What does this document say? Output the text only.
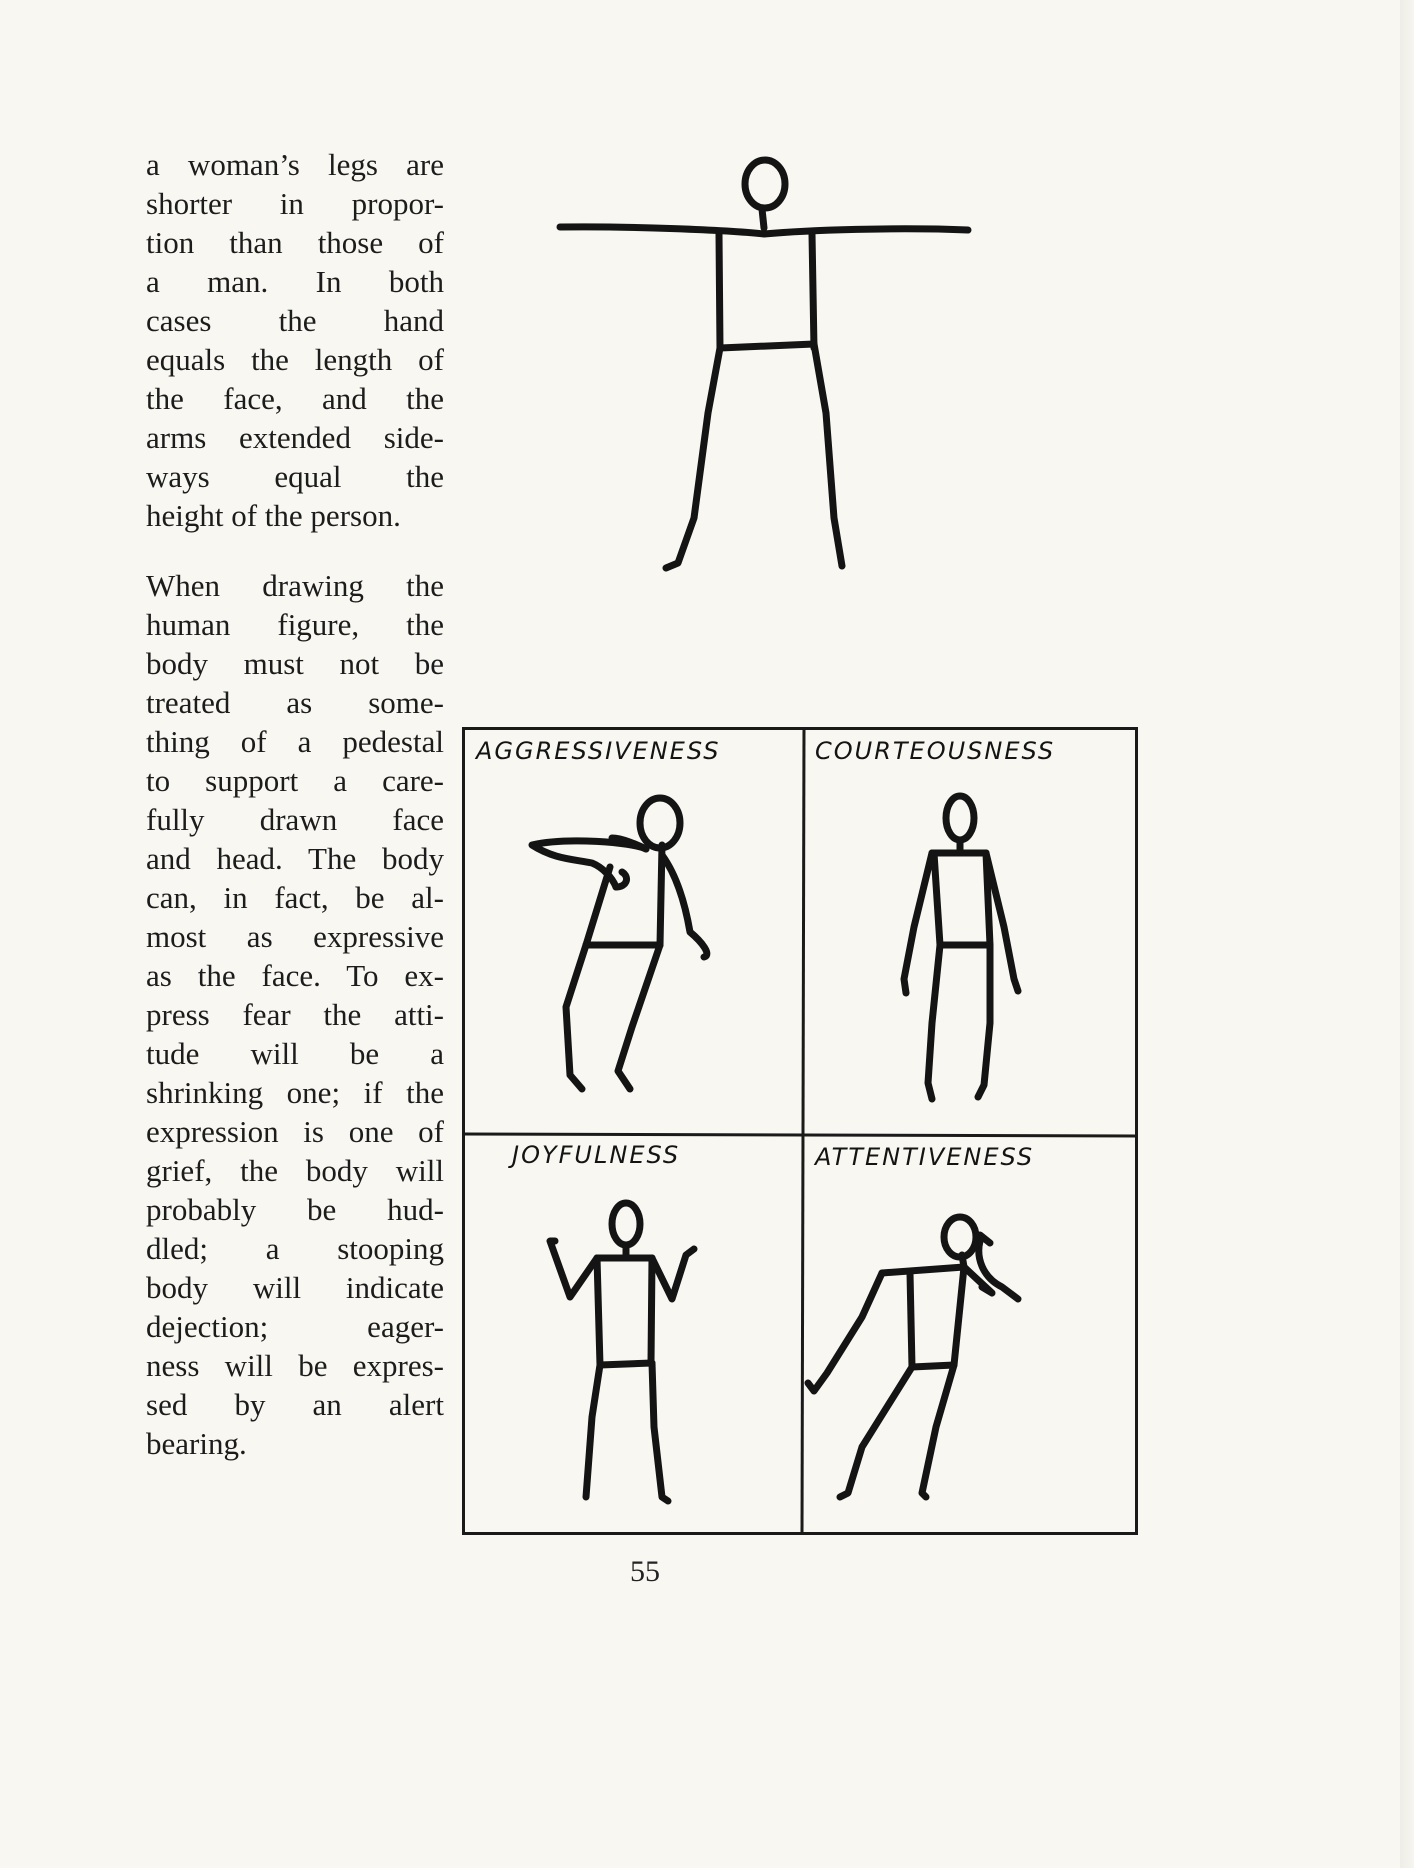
a woman’s legs are
shorter in propor-
tion than those of
a man. In both
cases the hand
equals the length of
the face, and the
arms extended side-
ways equal the
height of the person.

When drawing the
human figure, the
body must not be
treated as some-
thing of a pedestal
to support a care-
fully drawn face
and head. The body
can, in fact, be al-
most as expressive
as the face. To ex-
press fear the atti-
tude will be a
shrinking one; if the
expression is one of
grief, the body will
probably be hud-
dled; a stooping
body will indicate
dejection; eager-
ness will be expres-
sed by an alert
bearing.

AGGRESSIVENESS	COURTEOUSNESS
JOYFULNESS	ATTENTIVENESS
55
